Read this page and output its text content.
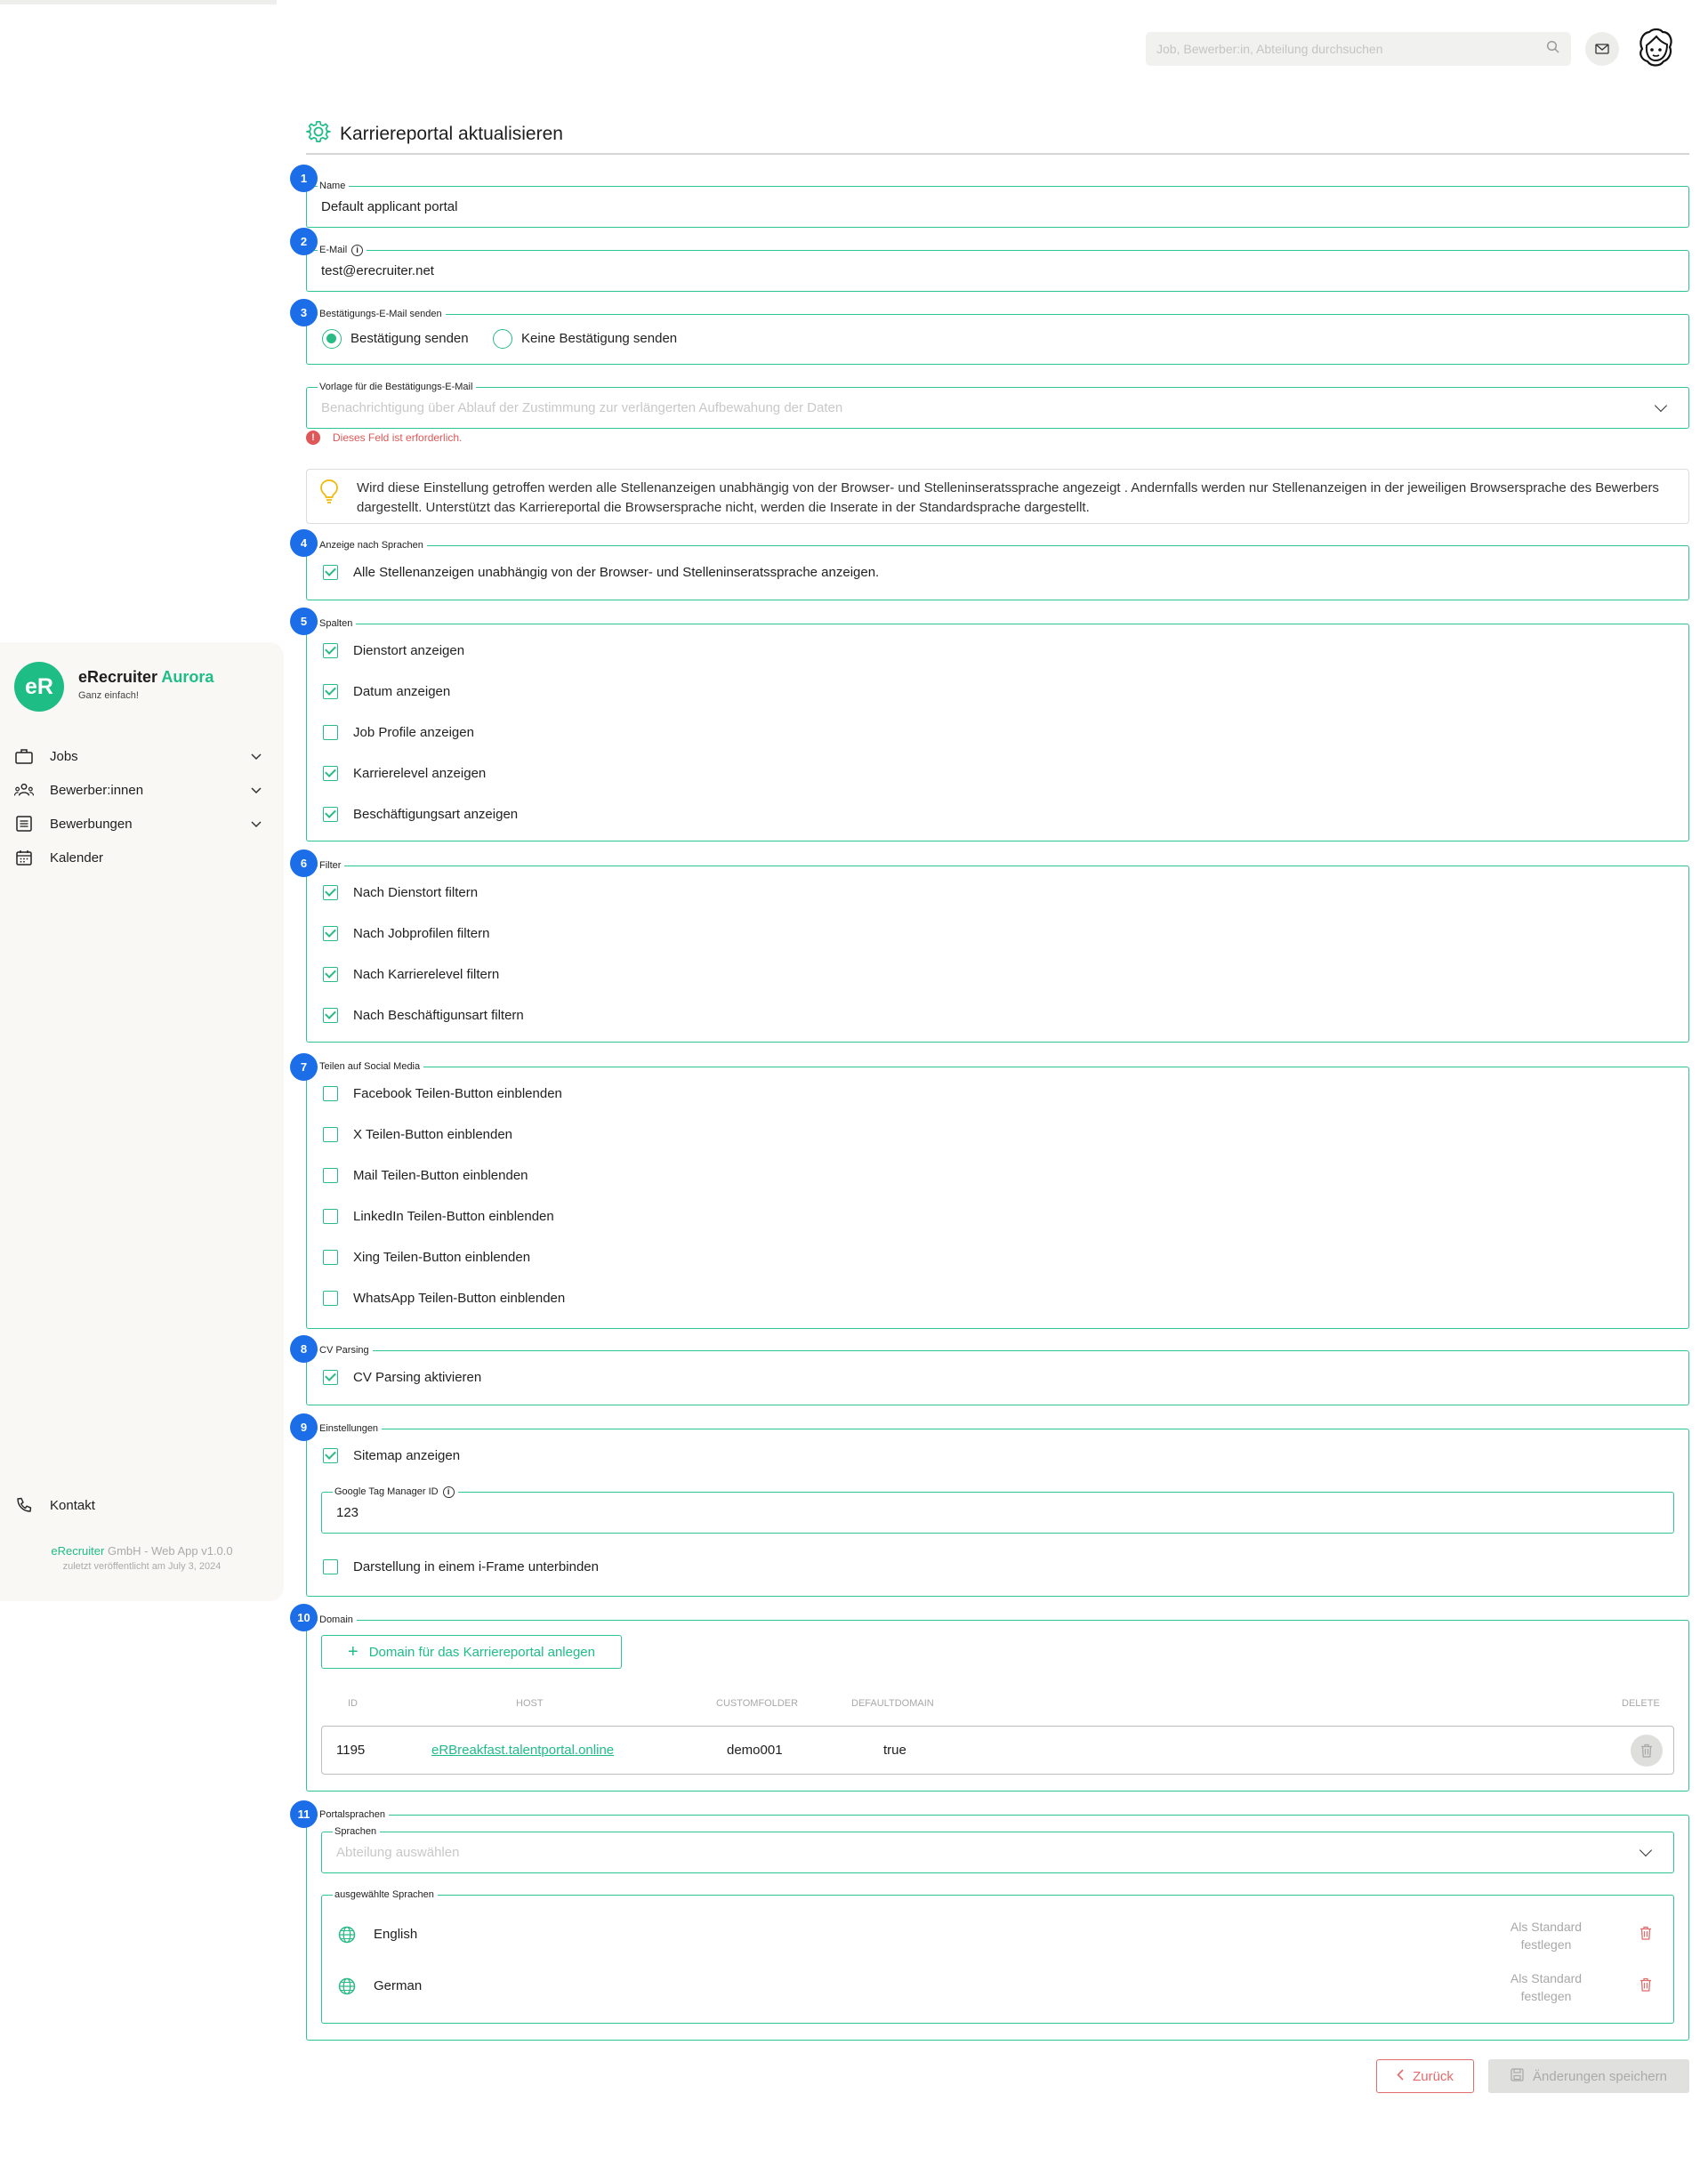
Job, Bewerber:in, Abteilung durchsuchen
eR	eRecruiter Aurora
Ganz einfach!
Jobs
Bewerber:innen
Bewerbungen
Kalender
Kontakt
eRecruiter GmbH - Web App v1.0.0
zuletzt veröffentlicht am July 3, 2024
Karriereportal aktualisieren
Name
Default applicant portal
1
E-Mail	i
test@erecruiter.net
2
Bestätigungs-E-Mail senden
Bestätigung senden	Keine Bestätigung senden
3
Vorlage für die Bestätigungs-E-Mail
Benachrichtigung über Ablauf der Zustimmung zur verlängerten Aufbewahung der Daten
!	Dieses Feld ist erforderlich.
Wird diese Einstellung getroffen werden alle Stellenanzeigen unabhängig von der Browser- und Stelleninseratssprache angezeigt . Andernfalls werden nur Stellenanzeigen in der jeweiligen Browsersprache des Bewerbers dargestellt. Unterstützt das Karriereportal die Browsersprache nicht, werden die Inserate in der Standardsprache dargestellt.
Anzeige nach Sprachen
Alle Stellenanzeigen unabhängig von der Browser- und Stelleninseratssprache anzeigen.
4
Spalten
Dienstort anzeigen
Datum anzeigen
Job Profile anzeigen
Karrierelevel anzeigen
Beschäftigungsart anzeigen
5
Filter
Nach Dienstort filtern
Nach Jobprofilen filtern
Nach Karrierelevel filtern
Nach Beschäftigunsart filtern
6
Teilen auf Social Media
Facebook Teilen-Button einblenden
X Teilen-Button einblenden
Mail Teilen-Button einblenden
LinkedIn Teilen-Button einblenden
Xing Teilen-Button einblenden
WhatsApp Teilen-Button einblenden
7
CV Parsing
CV Parsing aktivieren
8
Einstellungen
Sitemap anzeigen
Google Tag Manager ID	i
123
Darstellung in einem i-Frame unterbinden
9
Domain
+ Domain für das Karriereportal anlegen
ID	HOST	CUSTOMFOLDER	DEFAULTDOMAIN	DELETE
1195	eRBreakfast.talentportal.online	demo001	true
10
Portalsprachen
Sprachen
Abteilung auswählen
ausgewählte Sprachen
English	Als Standard
festlegen
German	Als Standard
festlegen
11
Zurück	Änderungen speichern
